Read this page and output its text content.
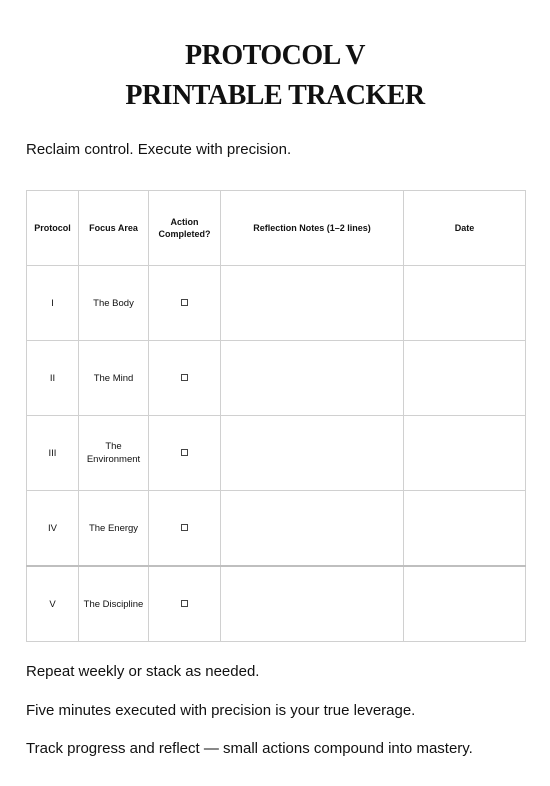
PROTOCOL V
PRINTABLE TRACKER
Reclaim control. Execute with precision.
Protocol	Focus Area	Action Completed?	Reflection Notes (1–2 lines)	Date
I	The Body			
II	The Mind			
III	The Environment			
IV	The Energy			
V	The Discipline			
Repeat weekly or stack as needed.
Five minutes executed with precision is your true leverage.
Track progress and reflect — small actions compound into mastery.
